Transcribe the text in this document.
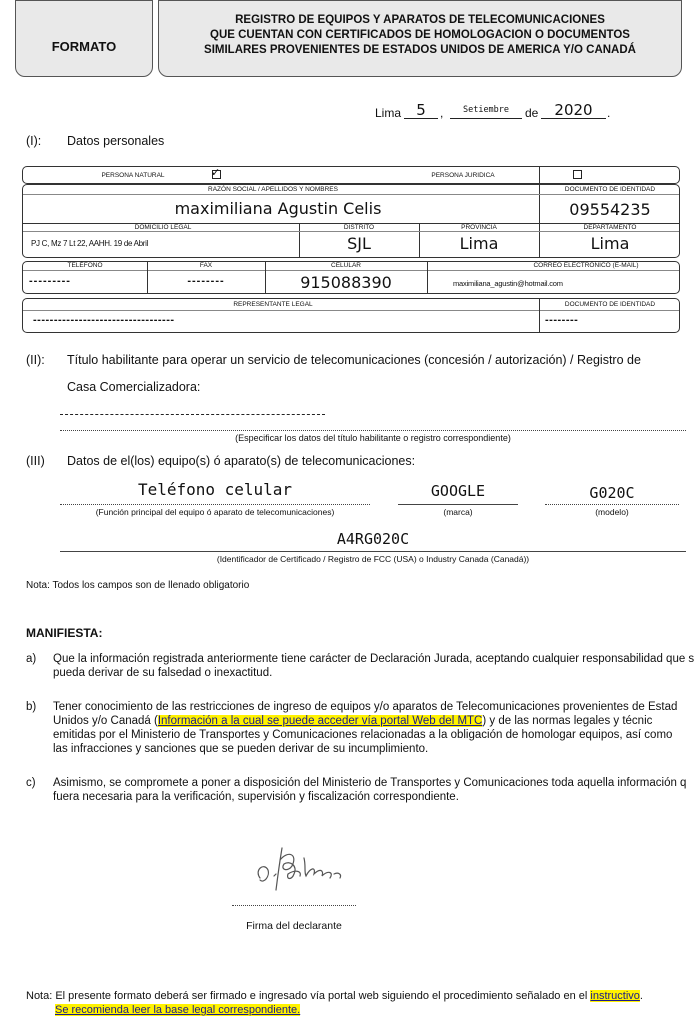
FORMATO
REGISTRO DE EQUIPOS Y APARATOS DE TELECOMUNICACIONES
QUE CUENTAN CON CERTIFICADOS DE HOMOLOGACION O DOCUMENTOS
SIMILARES PROVENIENTES DE ESTADOS UNIDOS DE AMERICA Y/O CANADÁ
Lima	5	,	Setiembre	de	2020	.
(I): Datos personales
PERSONA NATURAL	✓	PERSONA JURIDICA
RAZÓN SOCIAL / APELLIDOS Y NOMBRES
maximiliana Agustin Celis
DOCUMENTO DE IDENTIDAD
09554235
DOMICILIO LEGAL
PJ C, Mz 7 Lt 22, AAHH. 19 de Abril
DISTRITO
SJL
PROVINCIA
Lima
DEPARTAMENTO
Lima
TELÉFONO
---------
FAX
--------
CELULAR
915088390
CORREO ELECTRÓNICO (E-MAIL)
maximiliana_agustin@hotmail.com
REPRESENTANTE LEGAL
----------------------------------
DOCUMENTO DE IDENTIDAD
--------
(II): Título habilitante para operar un servicio de telecomunicaciones (concesión / autorización) / Registro de
Casa Comercializadora:
(Especificar los datos del título habilitante o registro correspondiente)
(III) Datos de el(los) equipo(s) ó aparato(s) de telecomunicaciones:
Teléfono celular
(Función principal del equipo ó aparato de telecomunicaciones)
GOOGLE
(marca)
G020C
(modelo)
A4RG020C
(Identificador de Certificado / Registro de FCC (USA) o Industry Canada (Canadá))
Nota: Todos los campos son de llenado obligatorio
MANIFIESTA:
a) Que la información registrada anteriormente tiene carácter de Declaración Jurada, aceptando cualquier responsabilidad que s
pueda derivar de su falsedad o inexactitud.
b) Tener conocimiento de las restricciones de ingreso de equipos y/o aparatos de Telecomunicaciones provenientes de Estad
Unidos y/o Canadá (Información a la cual se puede acceder vía portal Web del MTC) y de las normas legales y técnic
emitidas por el Ministerio de Transportes y Comunicaciones relacionadas a la obligación de homologar equipos, así como
las infracciones y sanciones que se pueden derivar de su incumplimiento.
c) Asimismo, se compromete a poner a disposición del Ministerio de Transportes y Comunicaciones toda aquella información q
fuera necesaria para la verificación, supervisión y fiscalización correspondiente.
Firma del declarante
Nota: El presente formato deberá ser firmado e ingresado vía portal web siguiendo el procedimiento señalado en el instructivo.
Se recomienda leer la base legal correspondiente.
